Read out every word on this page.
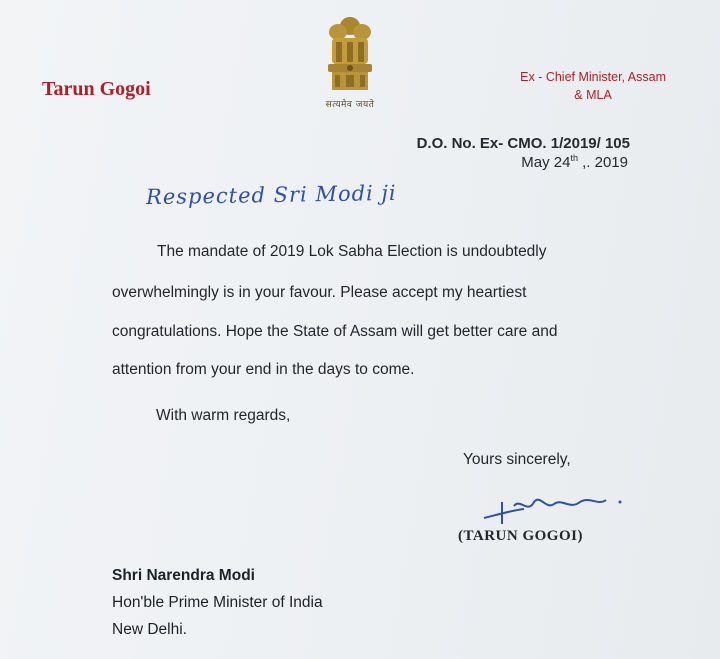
सत्यमेव जयते
Tarun Gogoi
Ex - Chief Minister, Assam
& MLA
D.O. No. Ex- CMO. 1/2019/ 105
May 24th ,. 2019
Respected Sri Modi ji
The mandate of 2019 Lok Sabha Election is undoubtedly
overwhelmingly is in your favour. Please accept my heartiest
congratulations. Hope the State of Assam will get better care and
attention from your end in the days to come.
With warm regards,
Yours sincerely,
(TARUN GOGOI)
Shri Narendra Modi
Hon'ble Prime Minister of India
New Delhi.
